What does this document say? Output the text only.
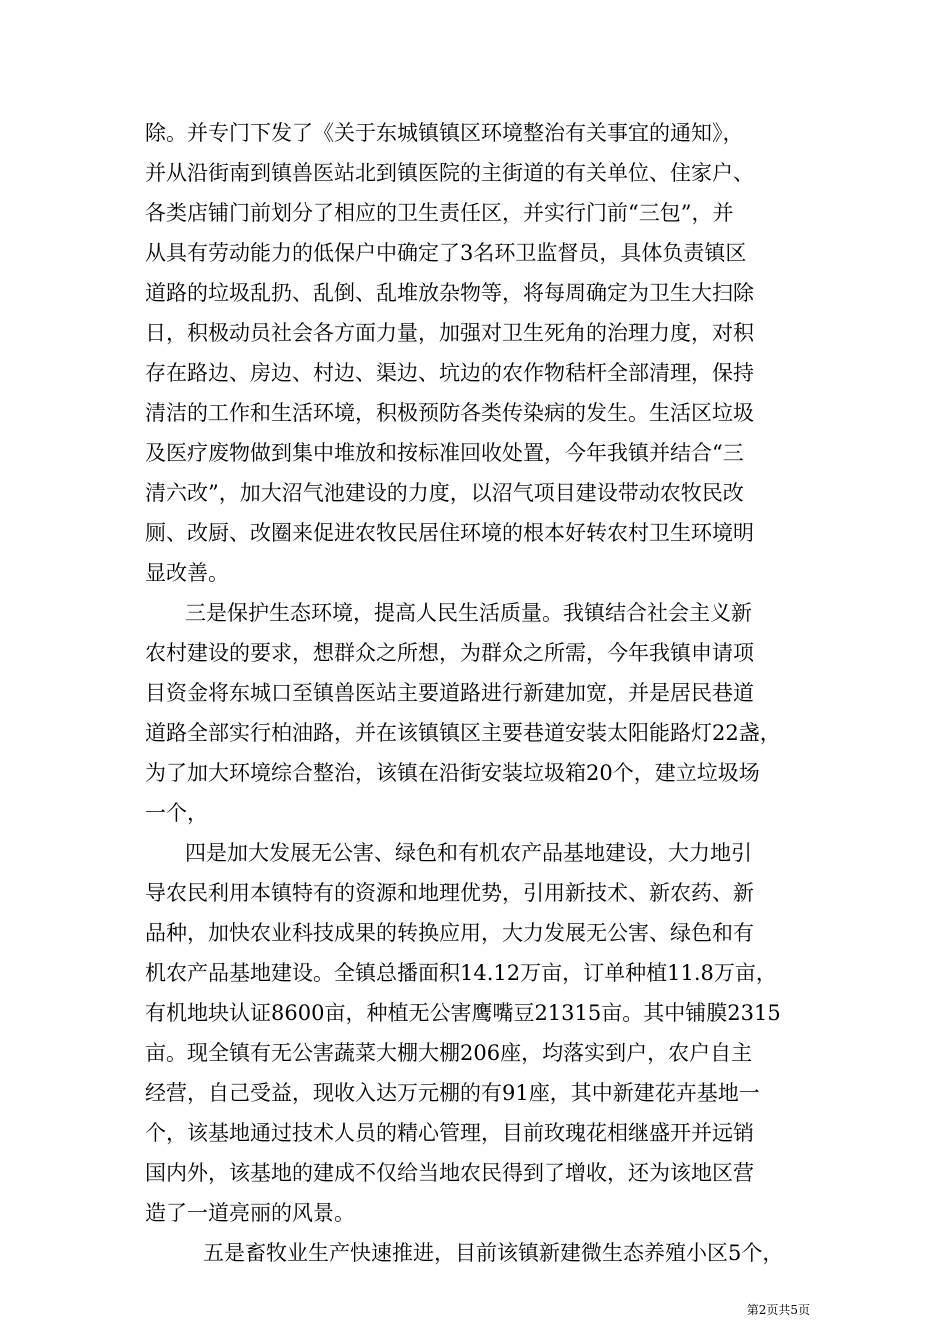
除。并专门下发了《关于东城镇镇区环境整治有关事宜的通知》，
并从沿街南到镇兽医站北到镇医院的主街道的有关单位、住家户、
各类店铺门前划分了相应的卫生责任区，并实行门前“三包”，并
从具有劳动能力的低保户中确定了3名环卫监督员，具体负责镇区
道路的垃圾乱扔、乱倒、乱堆放杂物等，将每周确定为卫生大扫除
日，积极动员社会各方面力量，加强对卫生死角的治理力度，对积
存在路边、房边、村边、渠边、坑边的农作物秸杆全部清理，保持
清洁的工作和生活环境，积极预防各类传染病的发生。生活区垃圾
及医疗废物做到集中堆放和按标准回收处置，今年我镇并结合“三
清六改”，加大沼气池建设的力度，以沼气项目建设带动农牧民改
厕、改厨、改圈来促进农牧民居住环境的根本好转农村卫生环境明
显改善。
三是保护生态环境，提高人民生活质量。我镇结合社会主义新
农村建设的要求，想群众之所想，为群众之所需，今年我镇申请项
目资金将东城口至镇兽医站主要道路进行新建加宽，并是居民巷道
道路全部实行柏油路，并在该镇镇区主要巷道安装太阳能路灯22盏，
为了加大环境综合整治，该镇在沿街安装垃圾箱20个，建立垃圾场
一个，
四是加大发展无公害、绿色和有机农产品基地建设，大力地引
导农民利用本镇特有的资源和地理优势，引用新技术、新农药、新
品种，加快农业科技成果的转换应用，大力发展无公害、绿色和有
机农产品基地建设。全镇总播面积14.12万亩，订单种植11.8万亩，
有机地块认证8600亩，种植无公害鹰嘴豆21315亩。其中铺膜2315
亩。现全镇有无公害蔬菜大棚大棚206座，均落实到户，农户自主
经营，自己受益，现收入达万元棚的有91座，其中新建花卉基地一
个，该基地通过技术人员的精心管理，目前玫瑰花相继盛开并远销
国内外，该基地的建成不仅给当地农民得到了增收，还为该地区营
造了一道亮丽的风景。
五是畜牧业生产快速推进，目前该镇新建微生态养殖小区5个，
第2页共5页
